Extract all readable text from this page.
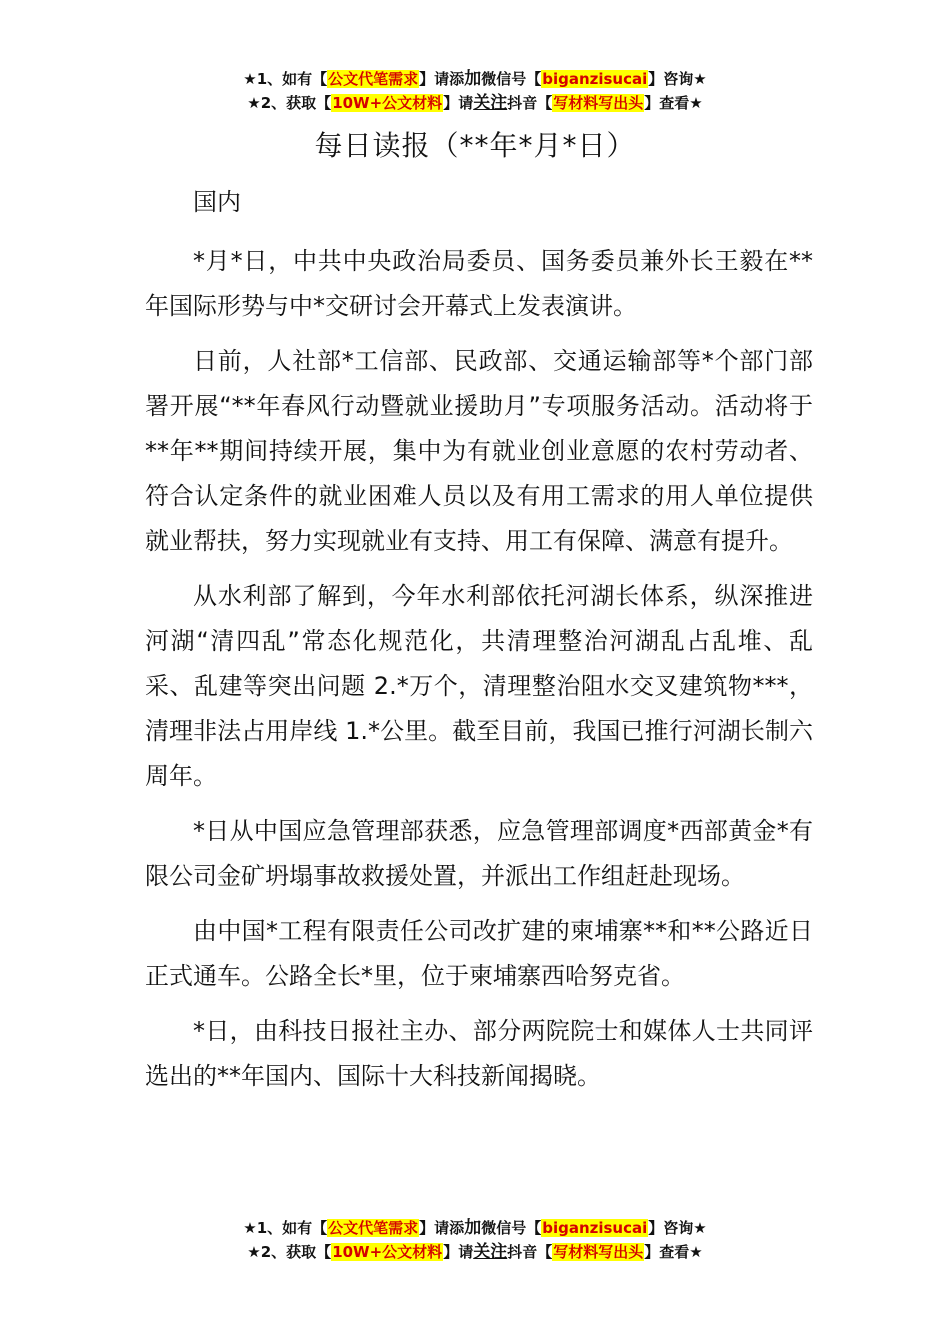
★1、如有【公文代笔需求】请添加微信号【biganzisucai】咨询★
★2、获取【10W+公文材料】请关注抖音【写材料写出头】查看★
每日读报（**年*月*日）

国内

*月*日，中共中央政治局委员、国务委员兼外长王毅在**年国际形势与中*交研讨会开幕式上发表演讲。

日前，人社部*工信部、民政部、交通运输部等*个部门部署开展“**年春风行动暨就业援助月”专项服务活动。活动将于**年**期间持续开展，集中为有就业创业意愿的农村劳动者、符合认定条件的就业困难人员以及有用工需求的用人单位提供就业帮扶，努力实现就业有支持、用工有保障、满意有提升。

从水利部了解到，今年水利部依托河湖长体系，纵深推进河湖“清四乱”常态化规范化，共清理整治河湖乱占乱堆、乱采、乱建等突出问题 2.*万个，清理整治阻水交叉建筑物***，清理非法占用岸线 1.*公里。截至目前，我国已推行河湖长制六周年。

*日从中国应急管理部获悉，应急管理部调度*西部黄金*有限公司金矿坍塌事故救援处置，并派出工作组赶赴现场。

由中国*工程有限责任公司改扩建的柬埔寨**和**公路近日正式通车。公路全长*里，位于柬埔寨西哈努克省。

*日，由科技日报社主办、部分两院院士和媒体人士共同评选出的**年国内、国际十大科技新闻揭晓。

★1、如有【公文代笔需求】请添加微信号【biganzisucai】咨询★
★2、获取【10W+公文材料】请关注抖音【写材料写出头】查看★
